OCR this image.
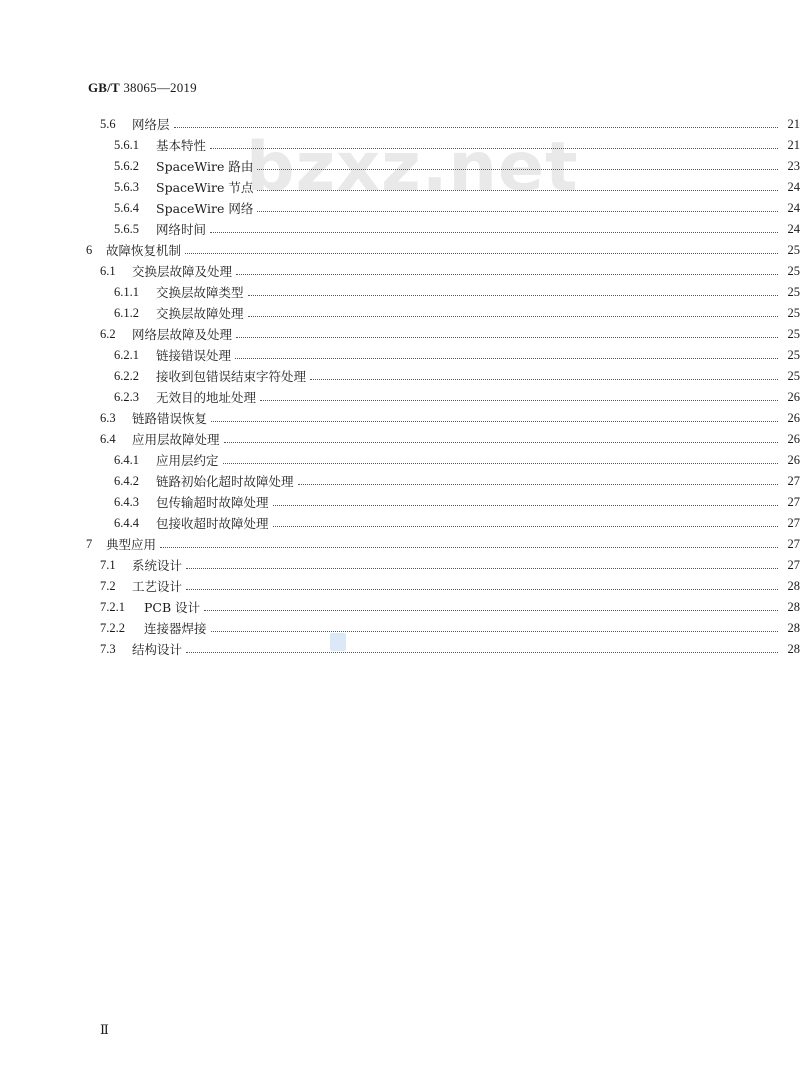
GB/T 38065—2019
bzxz.net
5.6	网络层	21
5.6.1	基本特性	21
5.6.2	SpaceWire 路由	23
5.6.3	SpaceWire 节点	24
5.6.4	SpaceWire 网络	24
5.6.5	网络时间	24
6	故障恢复机制	25
6.1	交换层故障及处理	25
6.1.1	交换层故障类型	25
6.1.2	交换层故障处理	25
6.2	网络层故障及处理	25
6.2.1	链接错误处理	25
6.2.2	接收到包错误结束字符处理	25
6.2.3	无效目的地址处理	26
6.3	链路错误恢复	26
6.4	应用层故障处理	26
6.4.1	应用层约定	26
6.4.2	链路初始化超时故障处理	27
6.4.3	包传输超时故障处理	27
6.4.4	包接收超时故障处理	27
7	典型应用	27
7.1	系统设计	27
7.2	工艺设计	28
7.2.1	PCB 设计	28
7.2.2	连接器焊接	28
7.3	结构设计	28
Ⅱ
